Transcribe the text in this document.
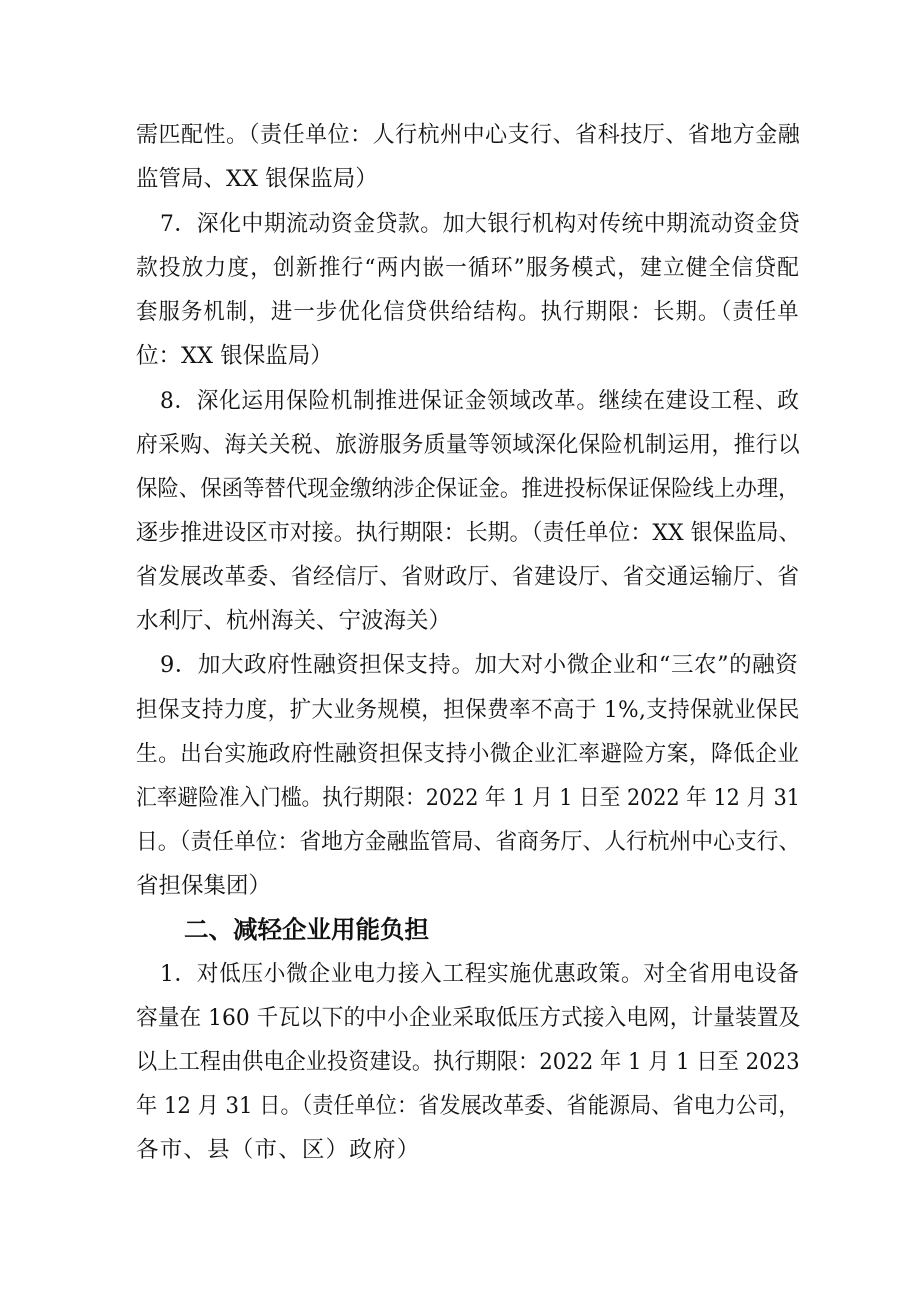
需匹配性。（责任单位：人行杭州中心支行、省科技厅、省地方金融
监管局、XX 银保监局）
7．深化中期流动资金贷款。加大银行机构对传统中期流动资金贷
款投放力度，创新推行“两内嵌一循环”服务模式，建立健全信贷配
套服务机制，进一步优化信贷供给结构。执行期限：长期。（责任单
位：XX 银保监局）
8．深化运用保险机制推进保证金领域改革。继续在建设工程、政
府采购、海关关税、旅游服务质量等领域深化保险机制运用，推行以
保险、保函等替代现金缴纳涉企保证金。推进投标保证保险线上办理，
逐步推进设区市对接。执行期限：长期。（责任单位：XX 银保监局、
省发展改革委、省经信厅、省财政厅、省建设厅、省交通运输厅、省
水利厅、杭州海关、宁波海关）
9．加大政府性融资担保支持。加大对小微企业和“三农”的融资
担保支持力度，扩大业务规模，担保费率不高于 1%,支持保就业保民
生。出台实施政府性融资担保支持小微企业汇率避险方案，降低企业
汇率避险准入门槛。执行期限：2022 年 1 月 1 日至 2022 年 12 月 31
日。（责任单位：省地方金融监管局、省商务厅、人行杭州中心支行、
省担保集团）
二、减轻企业用能负担
1．对低压小微企业电力接入工程实施优惠政策。对全省用电设备
容量在 160 千瓦以下的中小企业采取低压方式接入电网，计量装置及
以上工程由供电企业投资建设。执行期限：2022 年 1 月 1 日至 2023
年 12 月 31 日。（责任单位：省发展改革委、省能源局、省电力公司，
各市、县（市、区）政府）
